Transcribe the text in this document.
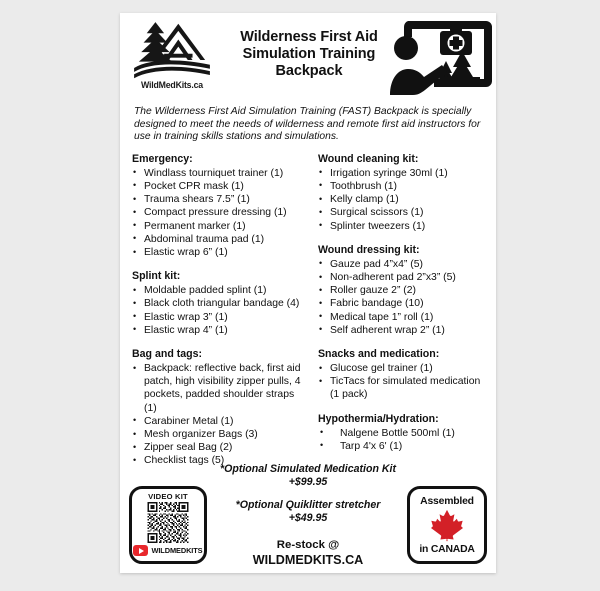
WildMedKits.ca
Wilderness First Aid
Simulation Training
Backpack
The Wilderness First Aid Simulation Training (FAST) Backpack is specially designed to meet the needs of wilderness and remote first aid instructors for use in training skills stations and simulations.
Emergency:
• Windlass tourniquet trainer (1)
• Pocket CPR mask (1)
• Trauma shears 7.5” (1)
• Compact pressure dressing (1)
• Permanent marker (1)
• Abdominal trauma pad (1)
• Elastic wrap 6” (1)
Splint kit:
• Moldable padded splint (1)
• Black cloth triangular bandage (4)
• Elastic wrap 3” (1)
• Elastic wrap 4” (1)
Bag and tags:
• Backpack: reflective back, first aid patch, high visibility zipper pulls, 4 pockets, padded shoulder straps (1)
• Carabiner Metal (1)
• Mesh organizer Bags (3)
• Zipper seal Bag (2)
• Checklist tags (5)
Wound cleaning kit:
• Irrigation syringe 30ml (1)
• Toothbrush (1)
• Kelly clamp (1)
• Surgical scissors (1)
• Splinter tweezers (1)
Wound dressing kit:
• Gauze pad 4”x4” (5)
• Non-adherent pad 2”x3” (5)
• Roller gauze 2” (2)
• Fabric bandage (10)
• Medical tape 1” roll (1)
• Self adherent wrap 2” (1)
Snacks and medication:
• Glucose gel trainer (1)
• TicTacs for simulated medication (1 pack)
Hypothermia/Hydration:
• Nalgene Bottle 500ml (1)
• Tarp 4'x 6' (1)
*Optional Simulated Medication Kit
+$99.95
*Optional Quiklitter stretcher
+$49.95
Re-stock @
WILDMEDKITS.CA
VIDEO KIT
WILDMEDKITS
Assembled
in CANADA
